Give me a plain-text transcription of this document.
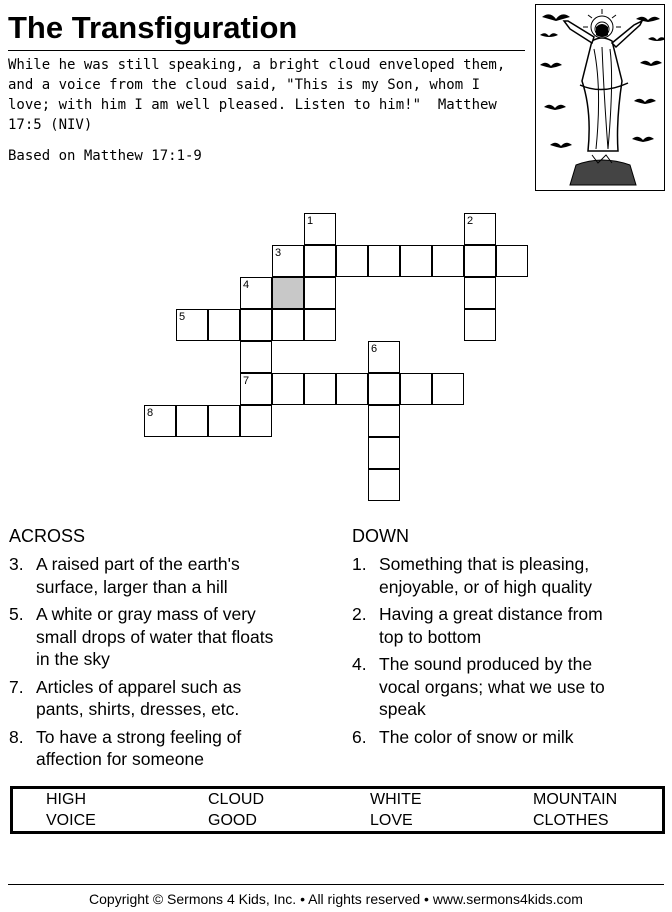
The Transfiguration
While he was still speaking, a bright cloud enveloped them,
and a voice from the cloud said, "This is my Son, whom I
love; with him I am well pleased. Listen to him!"  Matthew
17:5 (NIV)
Based on Matthew 17:1-9
1	2
3
4
5
6
7
8
ACROSS	DOWN
3. A raised part of the earth's
surface, larger than a hill
5. A white or gray mass of very
small drops of water that floats
in the sky
7. Articles of apparel such as
pants, shirts, dresses, etc.
8. To have a strong feeling of
affection for someone
1. Something that is pleasing,
enjoyable, or of high quality
2. Having a great distance from
top to bottom
4. The sound produced by the
vocal organs; what we use to
speak
6. The color of snow or milk
HIGH	CLOUD	WHITE	MOUNTAIN
VOICE	GOOD	LOVE	CLOTHES
Copyright © Sermons 4 Kids, Inc. • All rights reserved • www.sermons4kids.com
